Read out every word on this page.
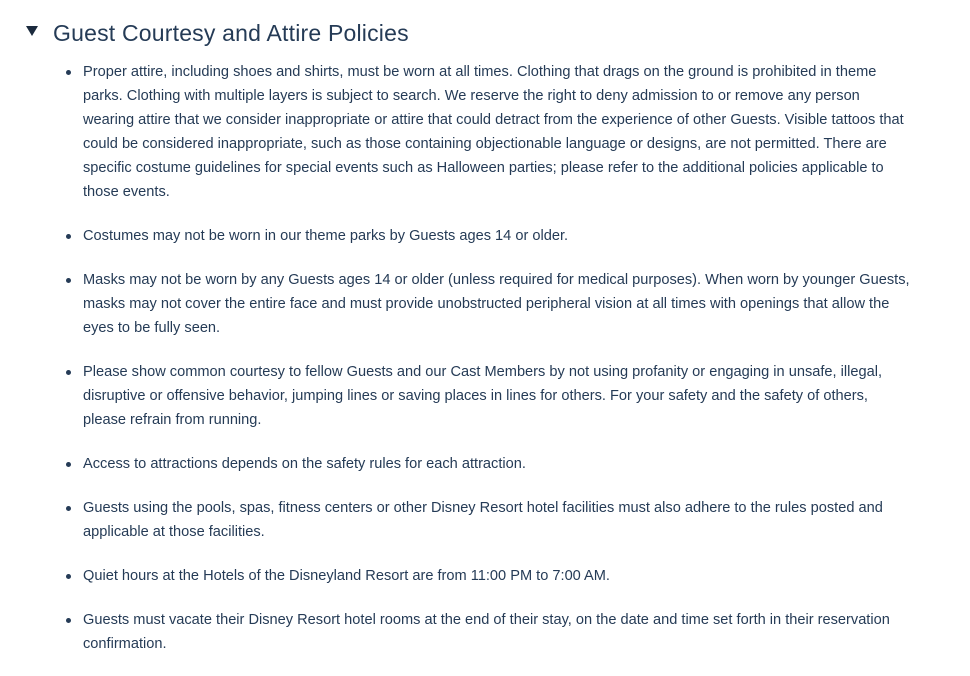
Guest Courtesy and Attire Policies
Proper attire, including shoes and shirts, must be worn at all times. Clothing that drags on the ground is prohibited in theme parks. Clothing with multiple layers is subject to search. We reserve the right to deny admission to or remove any person wearing attire that we consider inappropriate or attire that could detract from the experience of other Guests. Visible tattoos that could be considered inappropriate, such as those containing objectionable language or designs, are not permitted. There are specific costume guidelines for special events such as Halloween parties; please refer to the additional policies applicable to those events.
Costumes may not be worn in our theme parks by Guests ages 14 or older.
Masks may not be worn by any Guests ages 14 or older (unless required for medical purposes). When worn by younger Guests, masks may not cover the entire face and must provide unobstructed peripheral vision at all times with openings that allow the eyes to be fully seen.
Please show common courtesy to fellow Guests and our Cast Members by not using profanity or engaging in unsafe, illegal, disruptive or offensive behavior, jumping lines or saving places in lines for others. For your safety and the safety of others, please refrain from running.
Access to attractions depends on the safety rules for each attraction.
Guests using the pools, spas, fitness centers or other Disney Resort hotel facilities must also adhere to the rules posted and applicable at those facilities.
Quiet hours at the Hotels of the Disneyland Resort are from 11:00 PM to 7:00 AM.
Guests must vacate their Disney Resort hotel rooms at the end of their stay, on the date and time set forth in their reservation confirmation.
